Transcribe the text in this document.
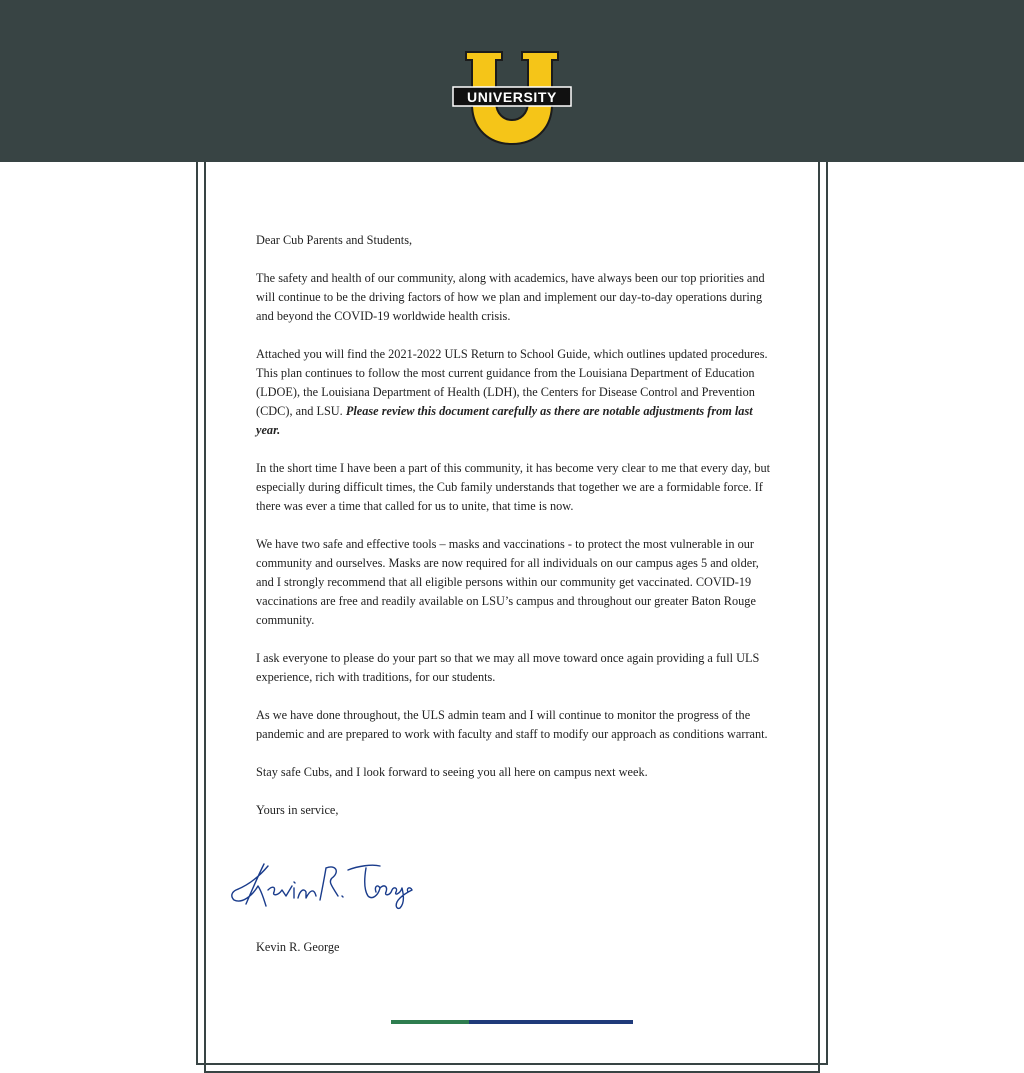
UNIVERSITY

Dear Cub Parents and Students,

The safety and health of our community, along with academics, have always been our top priorities and will continue to be the driving factors of how we plan and implement our day-to-day operations during and beyond the COVID-19 worldwide health crisis.

Attached you will find the 2021-2022 ULS Return to School Guide, which outlines updated procedures. This plan continues to follow the most current guidance from the Louisiana Department of Education (LDOE), the Louisiana Department of Health (LDH), the Centers for Disease Control and Prevention (CDC), and LSU. Please review this document carefully as there are notable adjustments from last year.

In the short time I have been a part of this community, it has become very clear to me that every day, but especially during difficult times, the Cub family understands that together we are a formidable force. If there was ever a time that called for us to unite, that time is now.

We have two safe and effective tools – masks and vaccinations - to protect the most vulnerable in our community and ourselves. Masks are now required for all individuals on our campus ages 5 and older, and I strongly recommend that all eligible persons within our community get vaccinated. COVID-19 vaccinations are free and readily available on LSU’s campus and throughout our greater Baton Rouge community.

I ask everyone to please do your part so that we may all move toward once again providing a full ULS experience, rich with traditions, for our students.

As we have done throughout, the ULS admin team and I will continue to monitor the progress of the pandemic and are prepared to work with faculty and staff to modify our approach as conditions warrant.

Stay safe Cubs, and I look forward to seeing you all here on campus next week.

Yours in service,

Kevin R. George
